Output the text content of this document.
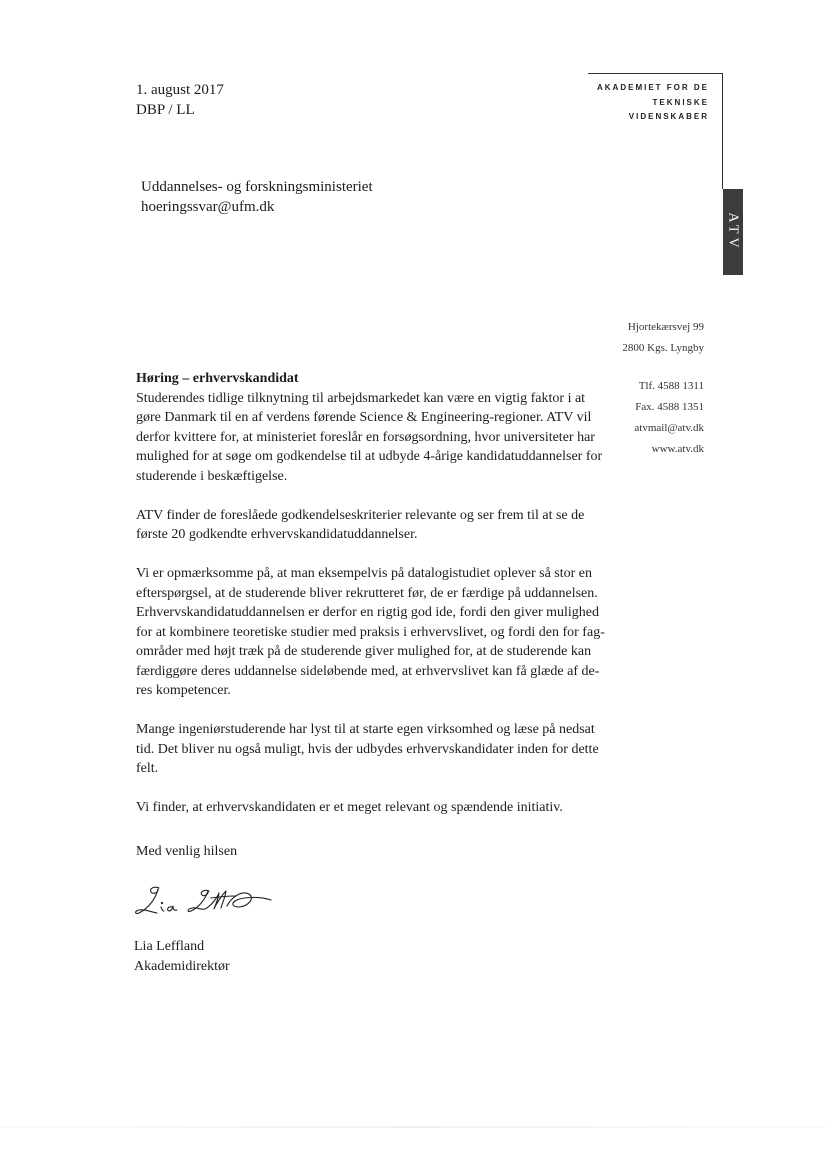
1. august 2017
DBP / LL
AKADEMIET FOR DE
TEKNISKE
VIDENSKABER
ATV
Uddannelses- og forskningsministeriet
hoeringssvar@ufm.dk
Hjortekærsvej 99
2800 Kgs. Lyngby
Tlf. 4588 1311
Fax. 4588 1351
atvmail@atv.dk
www.atv.dk
Høring – erhvervskandidat

Studerendes tidlige tilknytning til arbejdsmarkedet kan være en vigtig faktor i at gøre Danmark til en af verdens førende Science & Engineering-regioner. ATV vil derfor kvittere for, at ministeriet foreslår en forsøgsordning, hvor universiteter har mulighed for at søge om godkendelse til at udbyde 4-årige kandidatuddannelser for studerende i beskæftigelse.

ATV finder de foreslåede godkendelseskriterier relevante og ser frem til at se de første 20 godkendte erhvervskandidatuddannelser.

Vi er opmærksomme på, at man eksempelvis på datalogistudiet oplever så stor en efterspørgsel, at de studerende bliver rekrutteret før, de er færdige på uddannelsen. Erhvervskandidatuddannelsen er derfor en rigtig god ide, fordi den giver mulighed for at kombinere teoretiske studier med praksis i erhvervslivet, og fordi den for fag-områder med højt træk på de studerende giver mulighed for, at de studerende kan færdiggøre deres uddannelse sideløbende med, at erhvervslivet kan få glæde af de-res kompetencer.

Mange ingeniørstuderende har lyst til at starte egen virksomhed og læse på nedsat tid. Det bliver nu også muligt, hvis der udbydes erhvervskandidater inden for dette felt.

Vi finder, at erhvervskandidaten er et meget relevant og spændende initiativ.

Med venlig hilsen
Lia Leffland
Akademidirektør
